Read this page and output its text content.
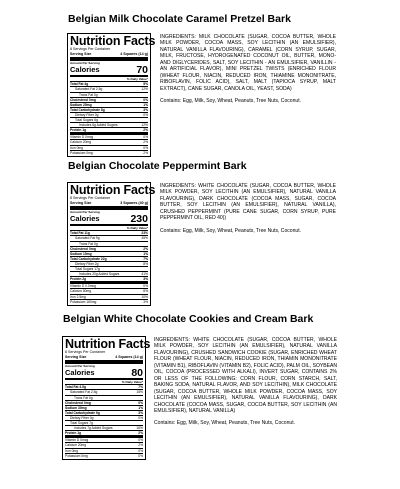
Belgian Milk Chocolate Caramel Pretzel Bark
Nutrition Facts
8 Servings Per Container
Serving Size	4 Squares (14 g)
Amount Per Serving
Calories	70
% Daily Value*
Total Fat 4g	5%
Saturated Fat 2.5g	12%
Trans Fat 0g
Cholesterol 0mg	0%
Sodium 25mg	1%
Total Carbohydrate 8g	3%
Dietary Fiber 0g	0%
Total Sugars 6g
Includes 6g Added Sugars	12%
Protein 1g	2%
Vitamin D 0mcg	0%
Calcium 20mg	2%
Iron 0mg	0%
Potassium 0mg	2%

INGREDIENTS: MILK CHOCOLATE (SUGAR, COCOA BUTTER, WHOLE MILK POWDER, COCOA MASS, SOY LECITHIN (AN EMULSIFIER), NATURAL VANILLA FLAVOURING), CARAMEL (CORN SYRUP, SUGAR, MILK, FRUCTOSE, HYDROGENATED COCONUT OIL, BUTTER, MONO- AND DIGLYCERIDES, SALT, SOY LECITHIN - AN EMULSIFIER, VANILLIN - AN ARTIFICIAL FLAVOR), MINI PRETZEL TWISTS (ENRICHED FLOUR (WHEAT FLOUR, NIACIN, REDUCED IRON, THIAMINE MONONITRATE, RIBOFLAVIN, FOLIC ACID), SALT, MALT (TAPIOCA SYRUP, MALT EXTRACT), CANE SUGAR, CANOLA OIL, YEAST, SODA)

Contains: Egg, Milk, Soy, Wheat, Peanuts, Tree Nuts, Coconut.

Belgian Chocolate Peppermint Bark
Nutrition Facts
8 Servings Per Container
Serving Size	3 Squares (40 g)
Amount Per Serving
Calories	230
% Daily Value*
Total Fat 11g	23%
Saturated Fat 9g	45%
Trans Fat 0g
Cholesterol 0mg	2%
Sodium 10mg	1%
Total Carbohydrate 22g	7%
Dietary Fiber 2g	8%
Total Sugars 17g
Includes 20g Added Sugars	41%
Protein 2g	3%
Vitamin D 0.0mcg	0%
Calcium 50mg	6%
Iron 2.5mg	10%
Potassium 160mg	3%

INGREDIENTS: WHITE CHOCOLATE (SUGAR, COCOA BUTTER, WHOLE MILK POWDER, SOY LECITHIN (AN EMULSIFIER), NATURAL VANILLA FLAVOURING), DARK CHOCOLATE (COCOA MASS, SUGAR, COCOA BUTTER, SOY LECITHIN (AN EMULSIFIER), NATURAL VANILLA), CRUSHED PEPPERMINT (PURE CANE SUGAR, CORN SYRUP, PURE PEPPERMINT OIL, RED 40))

Contains: Egg, Milk, Soy, Wheat, Peanuts, Tree Nuts, Coconut.

Belgian White Chocolate Cookies and Cream Bark
Nutrition Facts
8 Servings Per Container
Serving Size	4 Squares (14 g)
Amount Per Serving
Calories	80
% Daily Value*
Total Fat 4.5g	7%
Saturated Fat 2.5g	15%
Trans Fat 0g
Cholesterol 0mg	0%
Sodium 30mg	1%
Total Carbohydrate 9g	3%
Dietary Fiber 0g	0%
Total Sugars 7g
Includes 7g Added Sugars	16%
Protein 1g	2%
Vitamin D 0mcg	0%
Calcium 20mg	2%
Iron 0mg	0%
Potassium 0mg	0%

INGREDIENTS: WHITE CHOCOLATE (SUGAR, COCOA BUTTER, WHOLE MILK POWDER, SOY LECITHIN (AN EMULSIFIER), NATURAL VANILLA FLAVOURING), CRUSHED SANDWICH COOKIE (SUGAR, ENRICHED WHEAT FLOUR (WHEAT FLOUR, NIACIN, REDUCED IRON, THIAMIN MONONITRATE (VITAMIN B1), RIBOFLAVIN (VITAMIN B2), FOLIC ACID), PALM OIL, SOYBEAN OIL, COCOA (PROCESSED WITH ALKALI), INVERT SUGAR, CONTAINS 2% OR LESS OF THE FOLLOWING: CORN FLOUR, CORN STARCH, SALT, BAKING SODA, NATURAL FLAVOR, AND SOY LECITHIN), MILK CHOCOLATE (SUGAR, COCOA BUTTER, WHOLE MILK POWDER, COCOA MASS, SOY LECITHIN (AN EMULSIFIER), NATURAL VANILLA FLAVOURING), DARK CHOCOLATE (COCOA MASS, SUGAR, COCOA BUTTER, SOY LECITHIN (AN EMULSIFIER), NATURAL VANILLA)

Contains: Egg, Milk, Soy, Wheat, Peanuts, Tree Nuts, Coconut.
